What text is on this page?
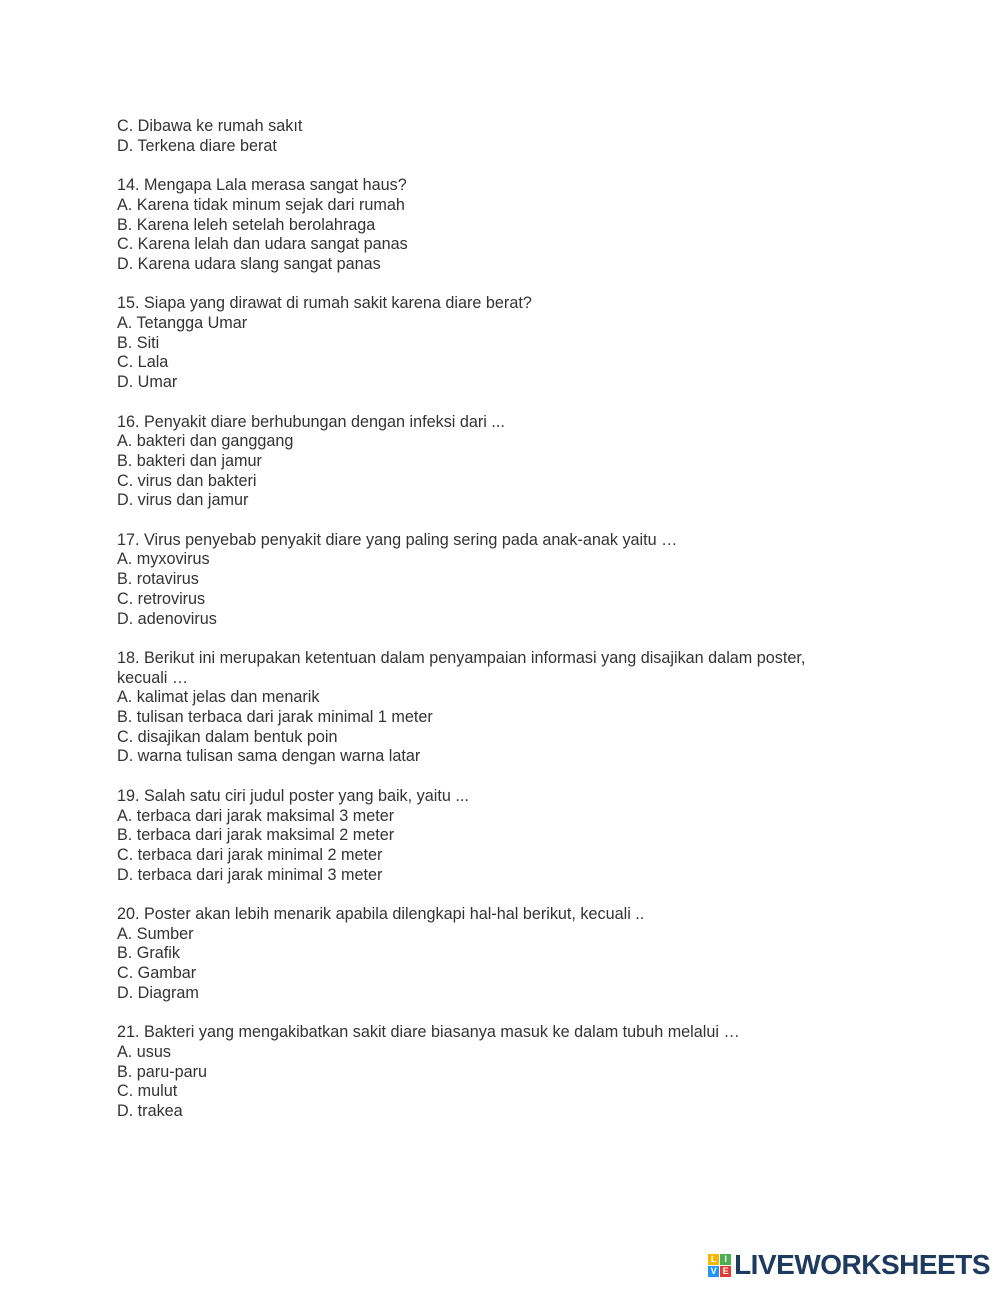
C. Dibawa ke rumah sakıt
D. Terkena diare berat
14. Mengapa Lala merasa sangat haus?
A. Karena tidak minum sejak dari rumah
B. Karena leleh setelah berolahraga
C. Karena lelah dan udara sangat panas
D. Karena udara slang sangat panas
15. Siapa yang dirawat di rumah sakit karena diare berat?
A. Tetangga Umar
B. Siti
C. Lala
D. Umar
16. Penyakit diare berhubungan dengan infeksi dari ...
A. bakteri dan ganggang
B. bakteri dan jamur
C. virus dan bakteri
D. virus dan jamur
17. Virus penyebab penyakit diare yang paling sering pada anak-anak yaitu …
A. myxovirus
B. rotavirus
C. retrovirus
D. adenovirus
18. Berikut ini merupakan ketentuan dalam penyampaian informasi yang disajikan dalam poster,
kecuali …
A. kalimat jelas dan menarik
B. tulisan terbaca dari jarak minimal 1 meter
C. disajikan dalam bentuk poin
D. warna tulisan sama dengan warna latar
19. Salah satu ciri judul poster yang baik, yaitu ...
A. terbaca dari jarak maksimal 3 meter
B. terbaca dari jarak maksimal 2 meter
C. terbaca dari jarak minimal 2 meter
D. terbaca dari jarak minimal 3 meter
20. Poster akan lebih menarik apabila dilengkapi hal-hal berikut, kecuali ..
A. Sumber
B. Grafik
C. Gambar
D. Diagram
21. Bakteri yang mengakibatkan sakit diare biasanya masuk ke dalam tubuh melalui …
A. usus
B. paru-paru
C. mulut
D. trakea
L I
V E LIVEWORKSHEETS
